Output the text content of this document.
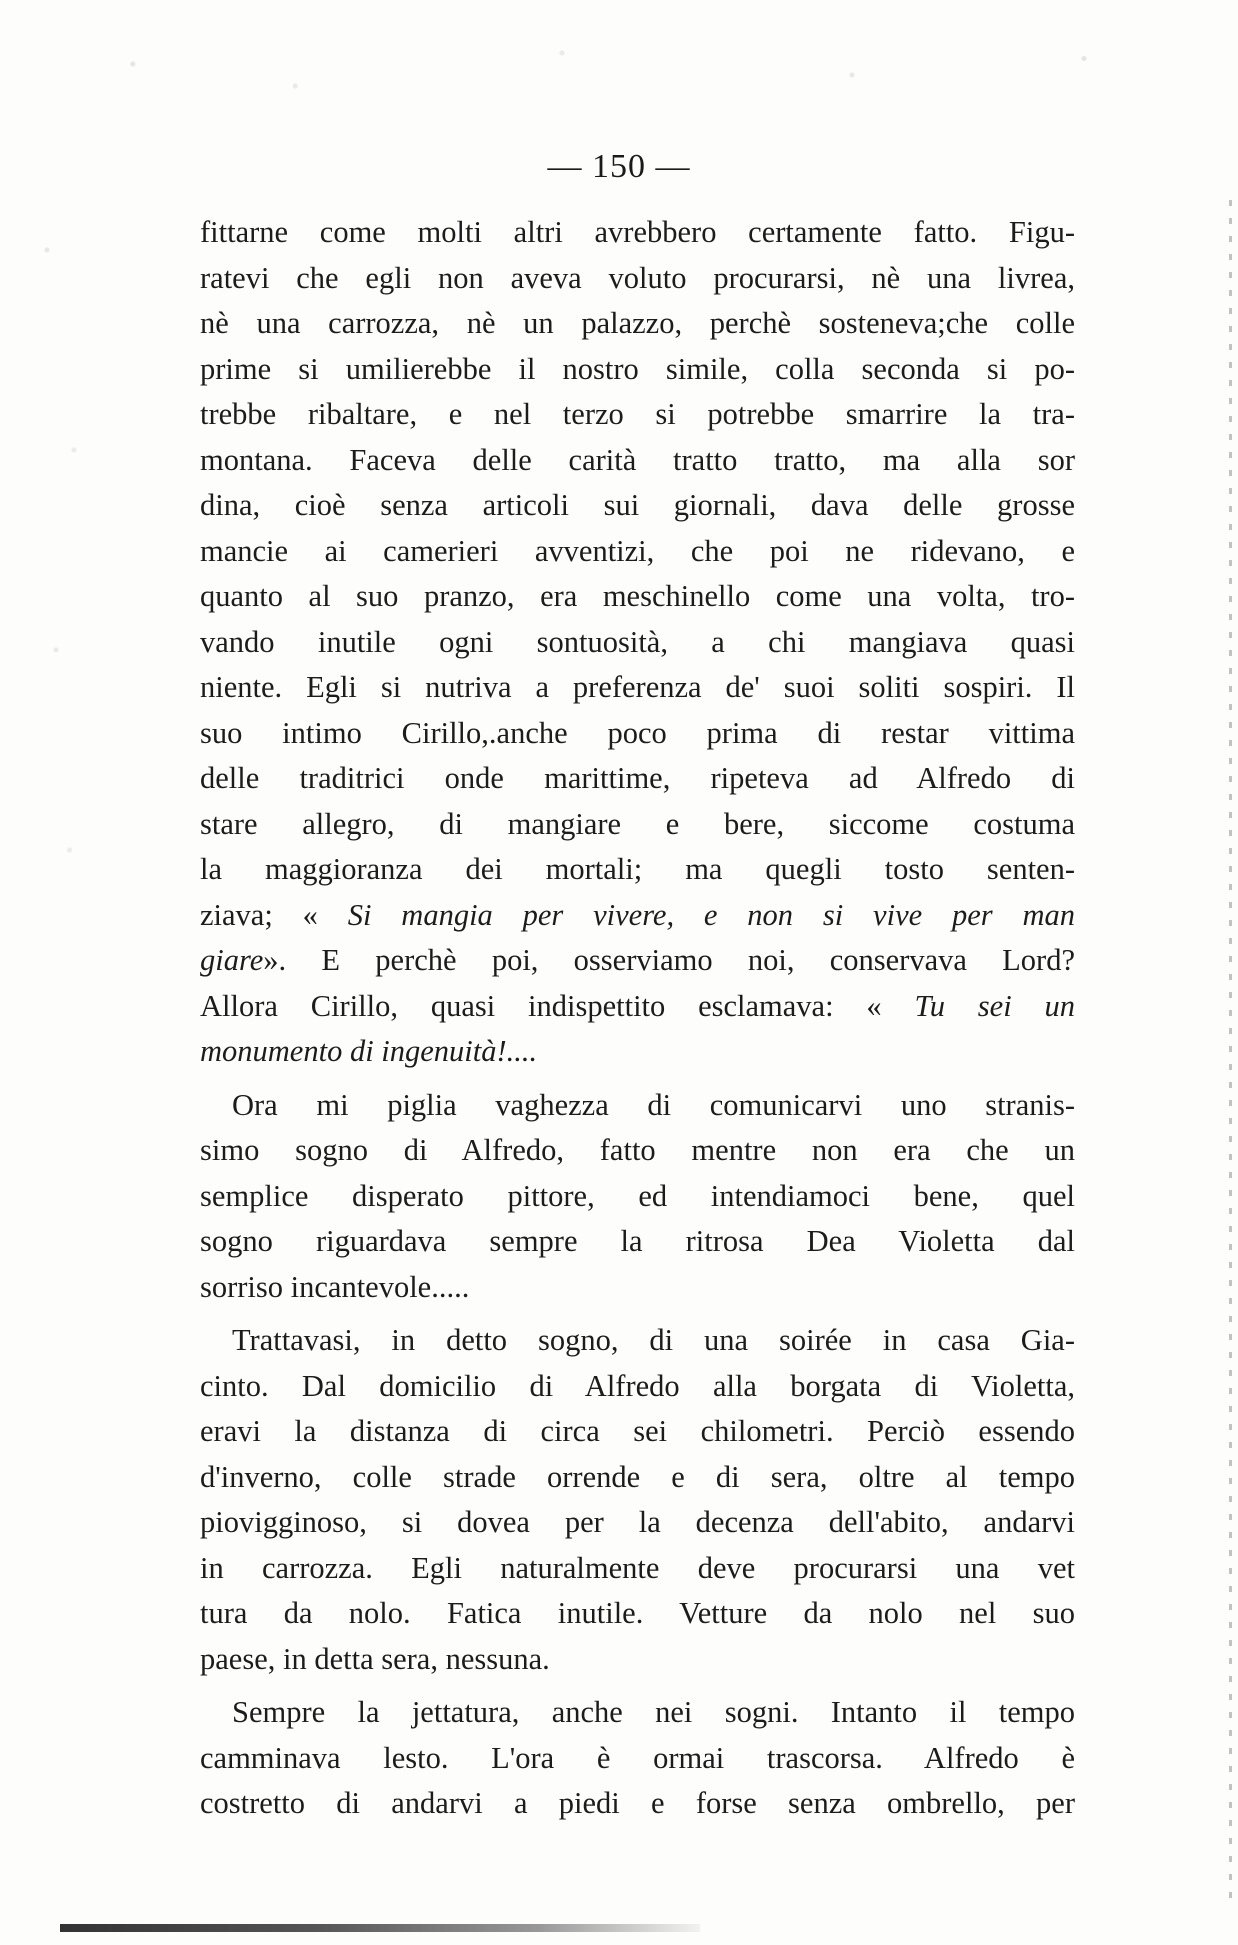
— 150 —
fittarne come molti altri avrebbero certamente fatto. Figu-
ratevi che egli non aveva voluto procurarsi, nè una livrea,
nè una carrozza, nè un palazzo, perchè sosteneva;che colle
prime si umilierebbe il nostro simile, colla seconda si po-
trebbe ribaltare, e nel terzo si potrebbe smarrire la tra-
montana. Faceva delle carità tratto tratto, ma alla sor
dina, cioè senza articoli sui giornali, dava delle grosse
mancie ai camerieri avventizi, che poi ne ridevano, e
quanto al suo pranzo, era meschinello come una volta, tro-
vando inutile ogni sontuosità, a chi mangiava quasi
niente. Egli si nutriva a preferenza de' suoi soliti sospiri. Il
suo intimo Cirillo,.anche poco prima di restar vittima
delle traditrici onde marittime, ripeteva ad Alfredo di
stare allegro, di mangiare e bere, siccome costuma
la maggioranza dei mortali; ma quegli tosto senten-
ziava; « Si mangia per vivere, e non si vive per man
giare». E perchè poi, osserviamo noi, conservava Lord?
Allora Cirillo, quasi indispettito esclamava: « Tu sei un
monumento di ingenuità!....
Ora mi piglia vaghezza di comunicarvi uno stranis-
simo sogno di Alfredo, fatto mentre non era che un
semplice disperato pittore, ed intendiamoci bene, quel
sogno riguardava sempre la ritrosa Dea Violetta dal
sorriso incantevole.....
Trattavasi, in detto sogno, di una soirée in casa Gia-
cinto. Dal domicilio di Alfredo alla borgata di Violetta,
eravi la distanza di circa sei chilometri. Perciò essendo
d'inverno, colle strade orrende e di sera, oltre al tempo
piovigginoso, si dovea per la decenza dell'abito, andarvi
in carrozza. Egli naturalmente deve procurarsi una vet
tura da nolo. Fatica inutile. Vetture da nolo nel suo
paese, in detta sera, nessuna.
Sempre la jettatura, anche nei sogni. Intanto il tempo
camminava lesto. L'ora è ormai trascorsa. Alfredo è
costretto di andarvi a piedi e forse senza ombrello, per
